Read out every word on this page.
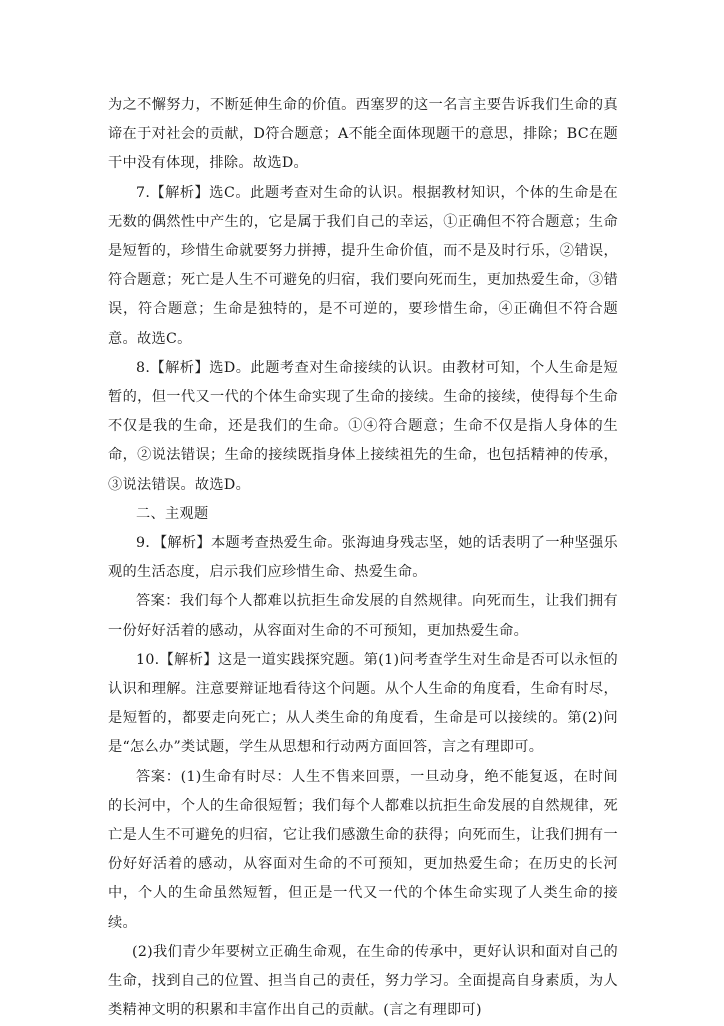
为之不懈努力，不断延伸生命的价值。西塞罗的这一名言主要告诉我们生命的真谛在于对社会的贡献，D符合题意；A不能全面体现题干的意思，排除；BC在题干中没有体现，排除。故选D。

7.【解析】选C。此题考查对生命的认识。根据教材知识，个体的生命是在无数的偶然性中产生的，它是属于我们自己的幸运，①正确但不符合题意；生命是短暂的，珍惜生命就要努力拼搏，提升生命价值，而不是及时行乐，②错误，符合题意；死亡是人生不可避免的归宿，我们要向死而生，更加热爱生命，③错误，符合题意；生命是独特的，是不可逆的，要珍惜生命，④正确但不符合题意。故选C。

8.【解析】选D。此题考查对生命接续的认识。由教材可知，个人生命是短暂的，但一代又一代的个体生命实现了生命的接续。生命的接续，使得每个生命不仅是我的生命，还是我们的生命。①④符合题意；生命不仅是指人身体的生命，②说法错误；生命的接续既指身体上接续祖先的生命，也包括精神的传承，③说法错误。故选D。

二、主观题

9．【解析】本题考查热爱生命。张海迪身残志坚，她的话表明了一种坚强乐观的生活态度，启示我们应珍惜生命、热爱生命。

答案：我们每个人都难以抗拒生命发展的自然规律。向死而生，让我们拥有一份好好活着的感动，从容面对生命的不可预知，更加热爱生命。

10.【解析】这是一道实践探究题。第(1)问考查学生对生命是否可以永恒的认识和理解。注意要辩证地看待这个问题。从个人生命的角度看，生命有时尽，是短暂的，都要走向死亡；从人类生命的角度看，生命是可以接续的。第(2)问是“怎么办”类试题，学生从思想和行动两方面回答，言之有理即可。

答案：(1)生命有时尽：人生不售来回票，一旦动身，绝不能复返，在时间的长河中，个人的生命很短暂；我们每个人都难以抗拒生命发展的自然规律，死亡是人生不可避免的归宿，它让我们感激生命的获得；向死而生，让我们拥有一份好好活着的感动，从容面对生命的不可预知，更加热爱生命；在历史的长河中，个人的生命虽然短暂，但正是一代又一代的个体生命实现了人类生命的接续。

(2)我们青少年要树立正确生命观，在生命的传承中，更好认识和面对自己的生命，找到自己的位置、担当自己的责任，努力学习。全面提高自身素质，为人类精神文明的积累和丰富作出自己的贡献。(言之有理即可)
